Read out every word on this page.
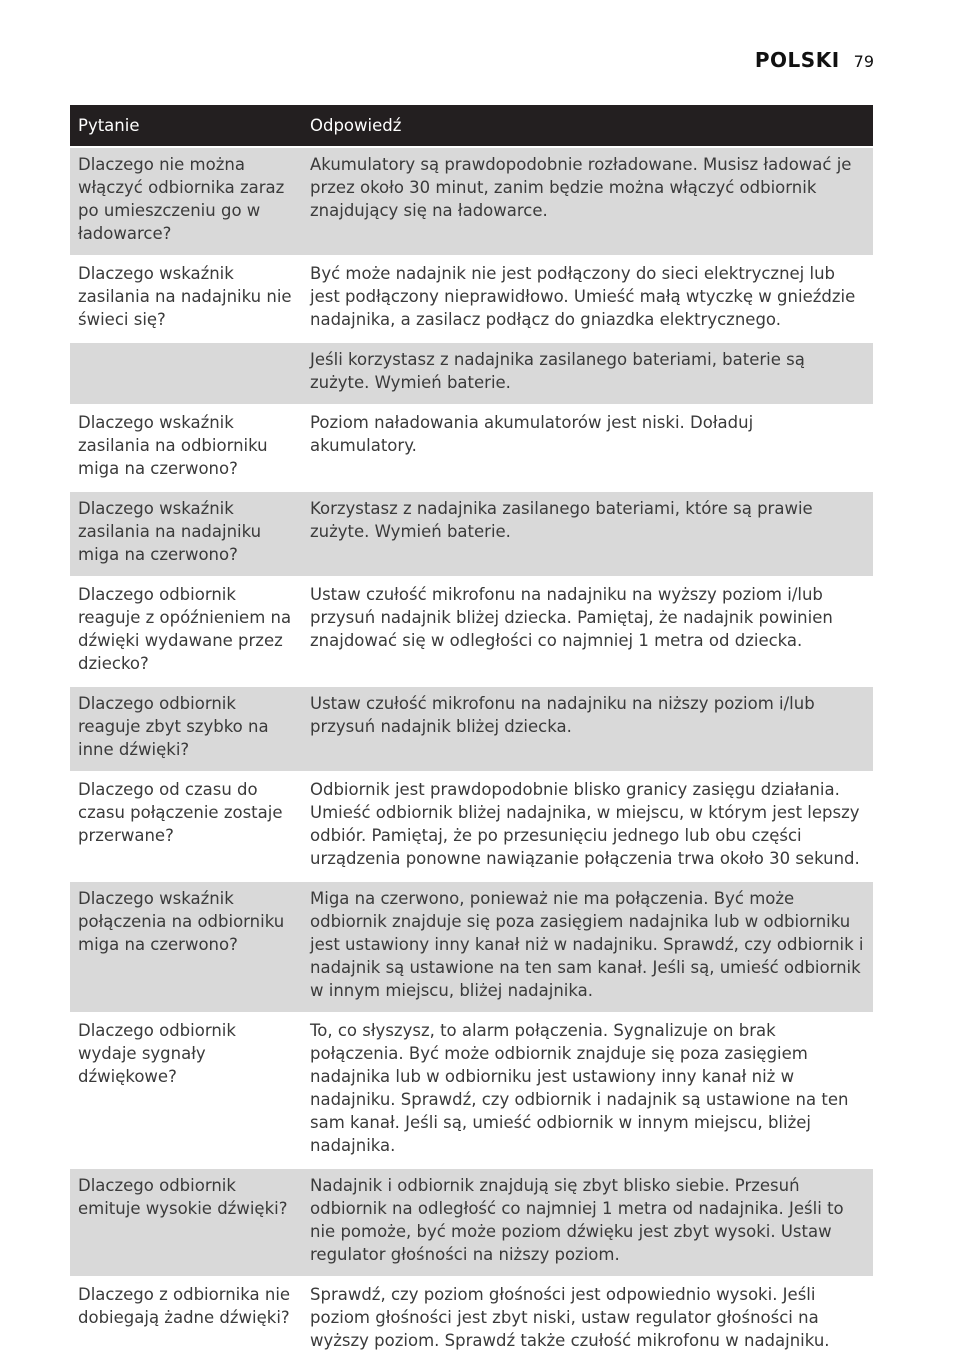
POLSKI 79
Pytanie	Odpowiedź
Dlaczego nie można włączyć odbiornika zaraz po umieszczeniu go w ładowarce?	Akumulatory są prawdopodobnie rozładowane. Musisz ładować je przez około 30 minut, zanim będzie można włączyć odbiornik znajdujący się na ładowarce.
Dlaczego wskaźnik zasilania na nadajniku nie świeci się?	Być może nadajnik nie jest podłączony do sieci elektrycznej lub jest podłączony nieprawidłowo. Umieść małą wtyczkę w gnieździe nadajnika, a zasilacz podłącz do gniazdka elektrycznego.
	Jeśli korzystasz z nadajnika zasilanego bateriami, baterie są zużyte. Wymień baterie.
Dlaczego wskaźnik zasilania na odbiorniku miga na czerwono?	Poziom naładowania akumulatorów jest niski. Doładuj akumulatory.
Dlaczego wskaźnik zasilania na nadajniku miga na czerwono?	Korzystasz z nadajnika zasilanego bateriami, które są prawie zużyte. Wymień baterie.
Dlaczego odbiornik reaguje z opóźnieniem na dźwięki wydawane przez dziecko?	Ustaw czułość mikrofonu na nadajniku na wyższy poziom i/lub przysuń nadajnik bliżej dziecka. Pamiętaj, że nadajnik powinien znajdować się w odległości co najmniej 1 metra od dziecka.
Dlaczego odbiornik reaguje zbyt szybko na inne dźwięki?	Ustaw czułość mikrofonu na nadajniku na niższy poziom i/lub przysuń nadajnik bliżej dziecka.
Dlaczego od czasu do czasu połączenie zostaje przerwane?	Odbiornik jest prawdopodobnie blisko granicy zasięgu działania. Umieść odbiornik bliżej nadajnika, w miejscu, w którym jest lepszy odbiór. Pamiętaj, że po przesunięciu jednego lub obu części urządzenia ponowne nawiązanie połączenia trwa około 30 sekund.
Dlaczego wskaźnik połączenia na odbiorniku miga na czerwono?	Miga na czerwono, ponieważ nie ma połączenia. Być może odbiornik znajduje się poza zasięgiem nadajnika lub w odbiorniku jest ustawiony inny kanał niż w nadajniku. Sprawdź, czy odbiornik i nadajnik są ustawione na ten sam kanał. Jeśli są, umieść odbiornik w innym miejscu, bliżej nadajnika.
Dlaczego odbiornik wydaje sygnały dźwiękowe?	To, co słyszysz, to alarm połączenia. Sygnalizuje on brak połączenia. Być może odbiornik znajduje się poza zasięgiem nadajnika lub w odbiorniku jest ustawiony inny kanał niż w nadajniku. Sprawdź, czy odbiornik i nadajnik są ustawione na ten sam kanał. Jeśli są, umieść odbiornik w innym miejscu, bliżej nadajnika.
Dlaczego odbiornik emituje wysokie dźwięki?	Nadajnik i odbiornik znajdują się zbyt blisko siebie. Przesuń odbiornik na odległość co najmniej 1 metra od nadajnika. Jeśli to nie pomoże, być może poziom dźwięku jest zbyt wysoki. Ustaw regulator głośności na niższy poziom.
Dlaczego z odbiornika nie dobiegają żadne dźwięki?	Sprawdź, czy poziom głośności jest odpowiednio wysoki. Jeśli poziom głośności jest zbyt niski, ustaw regulator głośności na wyższy poziom. Sprawdź także czułość mikrofonu w nadajniku.
